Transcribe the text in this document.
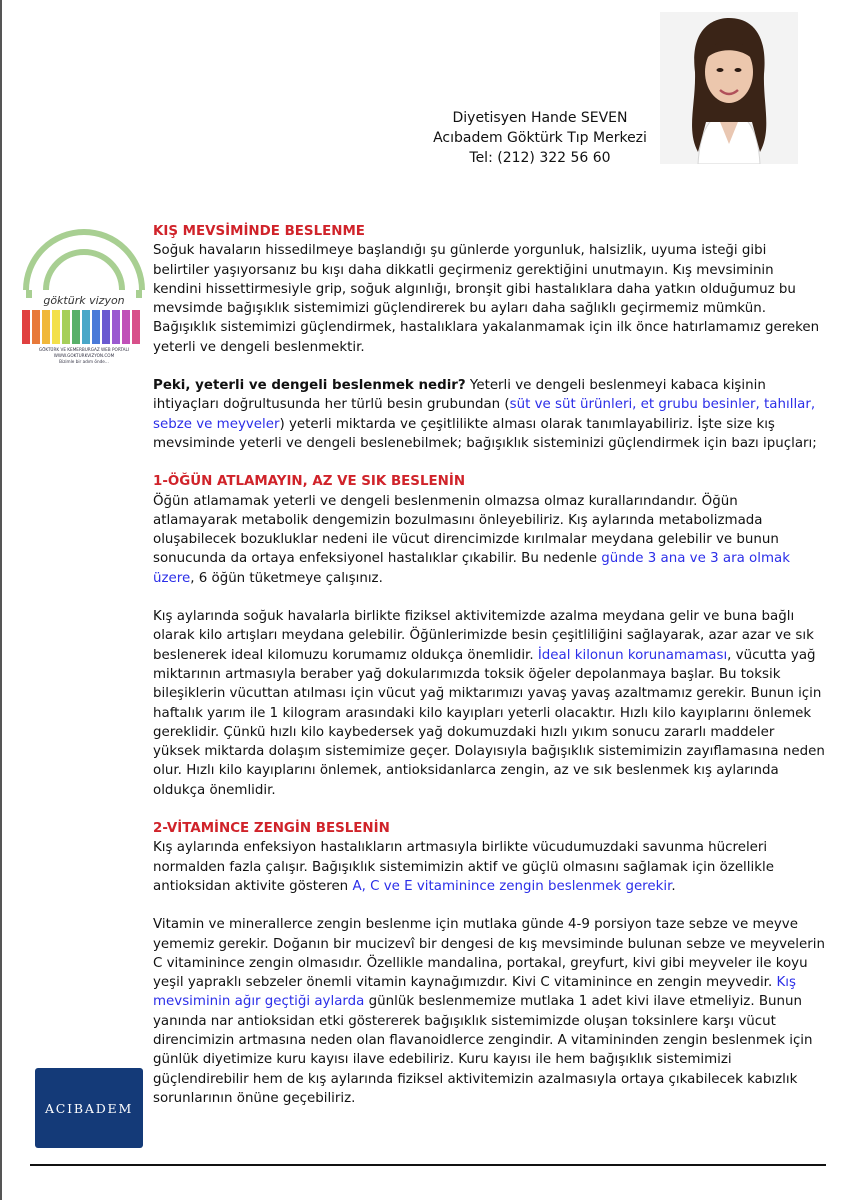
Diyetisyen Hande SEVEN
Acıbadem Göktürk Tıp Merkezi
Tel: (212) 322 56 60
göktürk vizyon
GÖKTÜRK VE KEMERBURGAZ WEB PORTALI
WWW.GOKTURKVIZYON.COM
Bizimle bir adım önde...
ACIBADEM

KIŞ MEVSİMİNDE BESLENME

Soğuk havaların hissedilmeye başlandığı şu günlerde yorgunluk, halsizlik, uyuma isteği gibi belirtiler yaşıyorsanız bu kışı daha dikkatli geçirmeniz gerektiğini unutmayın. Kış mevsiminin kendini hissettirmesiyle grip, soğuk algınlığı, bronşit gibi hastalıklara daha yatkın olduğumuz bu mevsimde bağışıklık sistemimizi güçlendirerek bu ayları daha sağlıklı geçirmemiz mümkün. Bağışıklık sistemimizi güçlendirmek, hastalıklara yakalanmamak için ilk önce hatırlamamız gereken yeterli ve dengeli beslenmektir.

Peki, yeterli ve dengeli beslenmek nedir? Yeterli ve dengeli beslenmeyi kabaca kişinin ihtiyaçları doğrultusunda her türlü besin grubundan (süt ve süt ürünleri, et grubu besinler, tahıllar, sebze ve meyveler) yeterli miktarda ve çeşitlilikte alması olarak tanımlayabiliriz. İşte size kış mevsiminde yeterli ve dengeli beslenebilmek; bağışıklık sisteminizi güçlendirmek için bazı ipuçları;

1-ÖĞÜN ATLAMAYIN, AZ VE SIK BESLENİN

Öğün atlamamak yeterli ve dengeli beslenmenin olmazsa olmaz kurallarındandır. Öğün atlamayarak metabolik dengemizin bozulmasını önleyebiliriz. Kış aylarında metabolizmada oluşabilecek bozukluklar nedeni ile vücut direncimizde kırılmalar meydana gelebilir ve bunun sonucunda da ortaya enfeksiyonel hastalıklar çıkabilir. Bu nedenle günde 3 ana ve 3 ara olmak üzere, 6 öğün tüketmeye çalışınız.

Kış aylarında soğuk havalarla birlikte fiziksel aktivitemizde azalma meydana gelir ve buna bağlı olarak kilo artışları meydana gelebilir. Öğünlerimizde besin çeşitliliğini sağlayarak, azar azar ve sık beslenerek ideal kilomuzu korumamız oldukça önemlidir. İdeal kilonun korunamaması, vücutta yağ miktarının artmasıyla beraber yağ dokularımızda toksik öğeler depolanmaya başlar. Bu toksik bileşiklerin vücuttan atılması için vücut yağ miktarımızı yavaş yavaş azaltmamız gerekir. Bunun için haftalık yarım ile 1 kilogram arasındaki kilo kayıpları yeterli olacaktır. Hızlı kilo kayıplarını önlemek gereklidir. Çünkü hızlı kilo kaybedersek yağ dokumuzdaki hızlı yıkım sonucu zararlı maddeler yüksek miktarda dolaşım sistemimize geçer. Dolayısıyla bağışıklık sistemimizin zayıflamasına neden olur. Hızlı kilo kayıplarını önlemek, antioksidanlarca zengin, az ve sık beslenmek kış aylarında oldukça önemlidir.

2-VİTAMİNCE ZENGİN BESLENİN

Kış aylarında enfeksiyon hastalıkların artmasıyla birlikte vücudumuzdaki savunma hücreleri normalden fazla çalışır. Bağışıklık sistemimizin aktif ve güçlü olmasını sağlamak için özellikle antioksidan aktivite gösteren A, C ve E vitaminince zengin beslenmek gerekir.

Vitamin ve minerallerce zengin beslenme için mutlaka günde 4-9 porsiyon taze sebze ve meyve yememiz gerekir. Doğanın bir mucizevî bir dengesi de kış mevsiminde bulunan sebze ve meyvelerin C vitaminince zengin olmasıdır. Özellikle mandalina, portakal, greyfurt, kivi gibi meyveler ile koyu yeşil yapraklı sebzeler önemli vitamin kaynağımızdır. Kivi C vitaminince en zengin meyvedir. Kış mevsiminin ağır geçtiği aylarda günlük beslenmemize mutlaka 1 adet kivi ilave etmeliyiz. Bunun yanında nar antioksidan etki göstererek bağışıklık sistemimizde oluşan toksinlere karşı vücut direncimizin artmasına neden olan flavanoidlerce zengindir. A vitamininden zengin beslenmek için günlük diyetimize kuru kayısı ilave edebiliriz. Kuru kayısı ile hem bağışıklık sistemimizi güçlendirebilir hem de kış aylarında fiziksel aktivitemizin azalmasıyla ortaya çıkabilecek kabızlık sorunlarının önüne geçebiliriz.
